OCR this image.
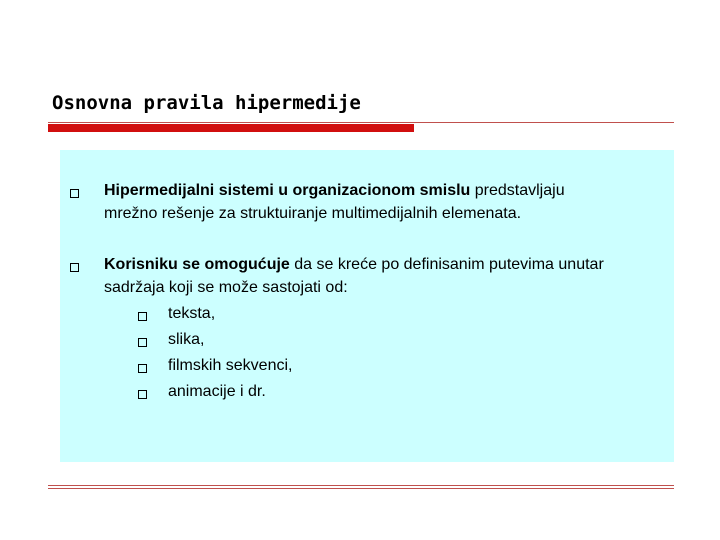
Osnovna pravila hipermedije
Hipermedijalni sistemi u organizacionom smislu predstavljaju
mrežno rešenje za struktuiranje multimedijalnih elemenata.
Korisniku se omogućuje da se kreće po definisanim putevima unutar
sadržaja koji se može sastojati od:
teksta,
slika,
filmskih sekvenci,
animacije i dr.
